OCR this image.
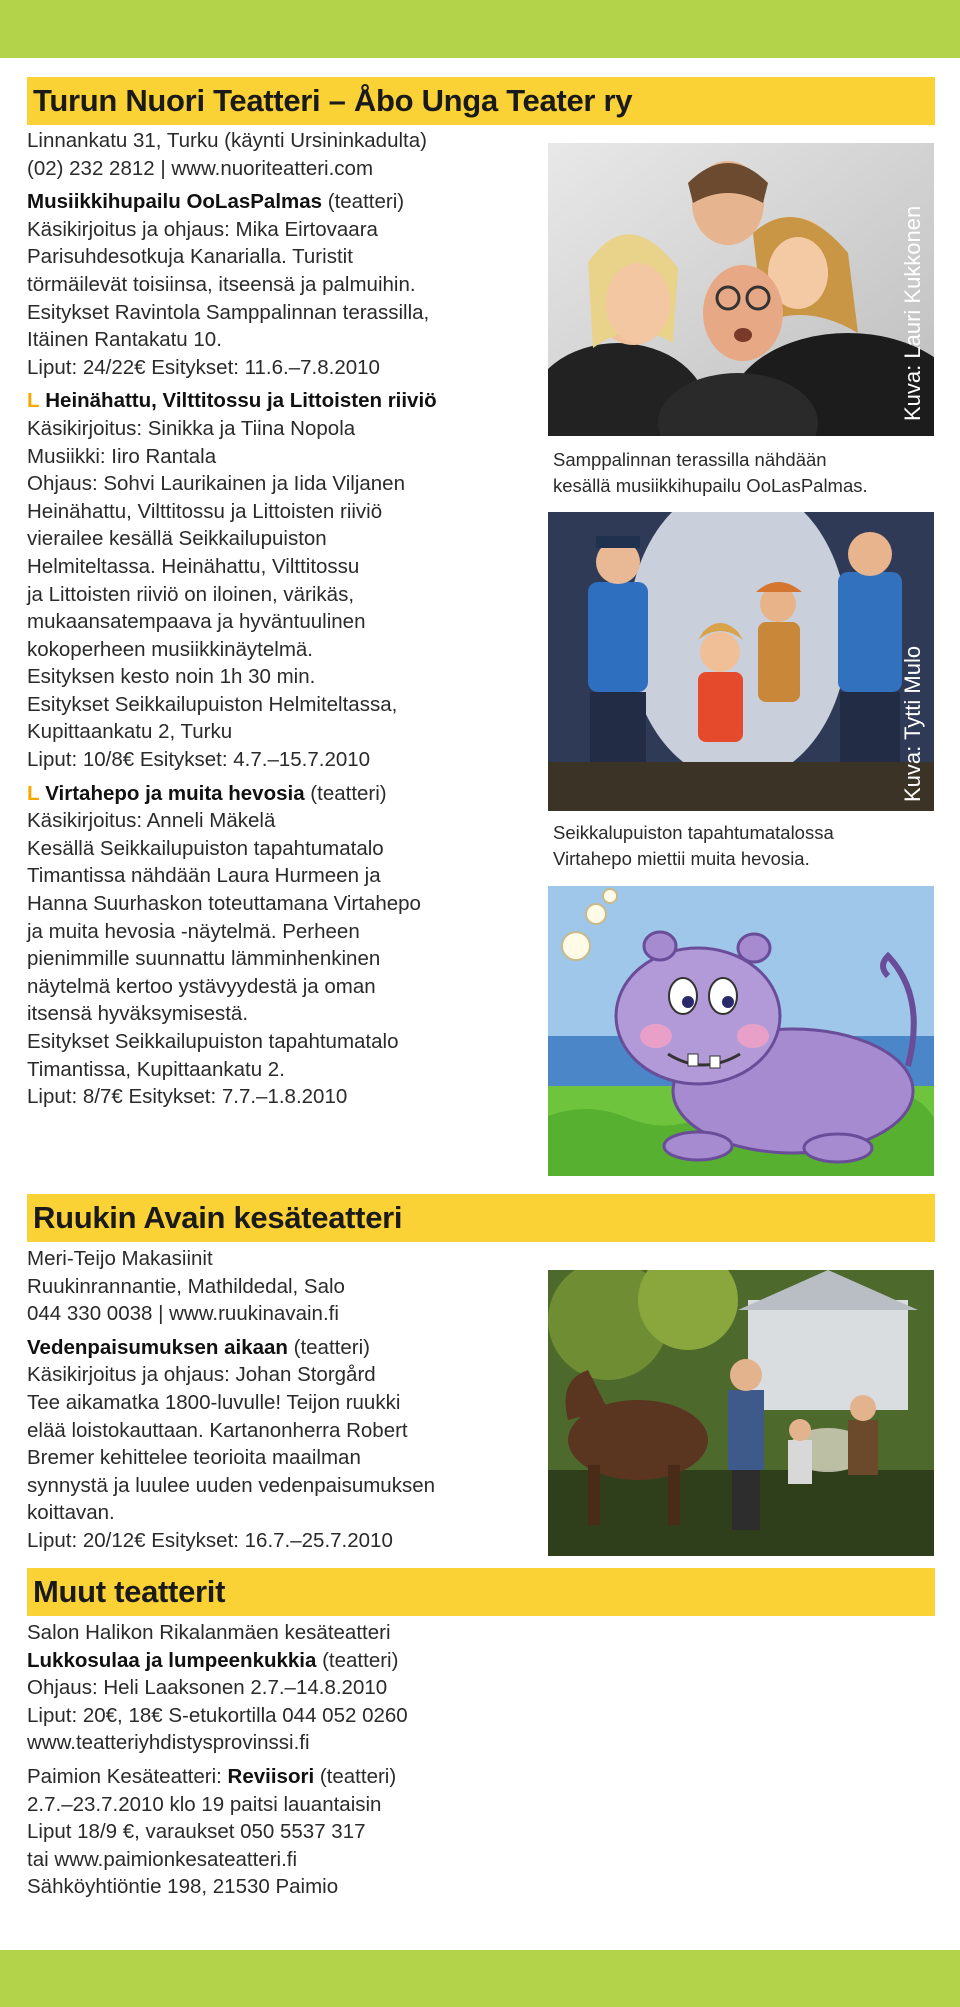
Turun Nuori Teatteri – Åbo Unga Teater ry

Linnankatu 31, Turku (käynti Ursininkadulta)

(02) 232 2812 | www.nuoriteatteri.com

Musiikkihupailu OoLasPalmas (teatteri)

Käsikirjoitus ja ohjaus: Mika Eirtovaara

Parisuhdesotkuja Kanarialla. Turistit

törmäilevät toisiinsa, itseensä ja palmuihin.

Esitykset Ravintola Samppalinnan terassilla,

Itäinen Rantakatu 10.

Liput: 24/22€ Esitykset: 11.6.–7.8.2010

L Heinähattu, Vilttitossu ja Littoisten riiviö

Käsikirjoitus: Sinikka ja Tiina Nopola

Musiikki: Iiro Rantala

Ohjaus: Sohvi Laurikainen ja Iida Viljanen

Heinähattu, Vilttitossu ja Littoisten riiviö

vierailee kesällä Seikkailupuiston

Helmiteltassa. Heinähattu, Vilttitossu

ja Littoisten riiviö on iloinen, värikäs,

mukaansatempaava ja hyväntuulinen

kokoperheen musiikkinäytelmä.

Esityksen kesto noin 1h 30 min.

Esitykset Seikkailupuiston Helmiteltassa,

Kupittaankatu 2, Turku

Liput: 10/8€ Esitykset: 4.7.–15.7.2010

L Virtahepo ja muita hevosia (teatteri)

Käsikirjoitus: Anneli Mäkelä

Kesällä Seikkailupuiston tapahtumatalo

Timantissa nähdään Laura Hurmeen ja

Hanna Suurhaskon toteuttamana Virtahepo

ja muita hevosia -näytelmä. Perheen

pienimmille suunnattu lämminhenkinen

näytelmä kertoo ystävyydestä ja oman

itsensä hyväksymisestä.

Esitykset Seikkailupuiston tapahtumatalo

Timantissa, Kupittaankatu 2.

Liput: 8/7€ Esitykset: 7.7.–1.8.2010

Kuva: Lauri Kukkonen
Samppalinnan terassilla nähdään
kesällä musiikkihupailu OoLasPalmas.
Kuva: Tytti Mulo
Seikkalupuiston tapahtumatalossa
Virtahepo miettii muita hevosia.
Ruukin Avain kesäteatteri

Meri-Teijo Makasiinit

Ruukinrannantie, Mathildedal, Salo

044 330 0038 | www.ruukinavain.fi

Vedenpaisumuksen aikaan (teatteri)

Käsikirjoitus ja ohjaus: Johan Storgård

Tee aikamatka 1800-luvulle! Teijon ruukki

elää loistokauttaan. Kartanonherra Robert

Bremer kehittelee teorioita maailman

synnystä ja luulee uuden vedenpaisumuksen

koittavan.

Liput: 20/12€ Esitykset: 16.7.–25.7.2010

Muut teatterit

Salon Halikon Rikalanmäen kesäteatteri

Lukkosulaa ja lumpeenkukkia (teatteri)

Ohjaus: Heli Laaksonen 2.7.–14.8.2010

Liput: 20€, 18€ S-etukortilla 044 052 0260

www.teatteriyhdistysprovinssi.fi

Paimion Kesäteatteri: Reviisori (teatteri)

2.7.–23.7.2010 klo 19 paitsi lauantaisin

Liput 18/9 €, varaukset 050 5537 317

tai www.paimionkesateatteri.fi

Sähköyhtiöntie 198, 21530 Paimio
